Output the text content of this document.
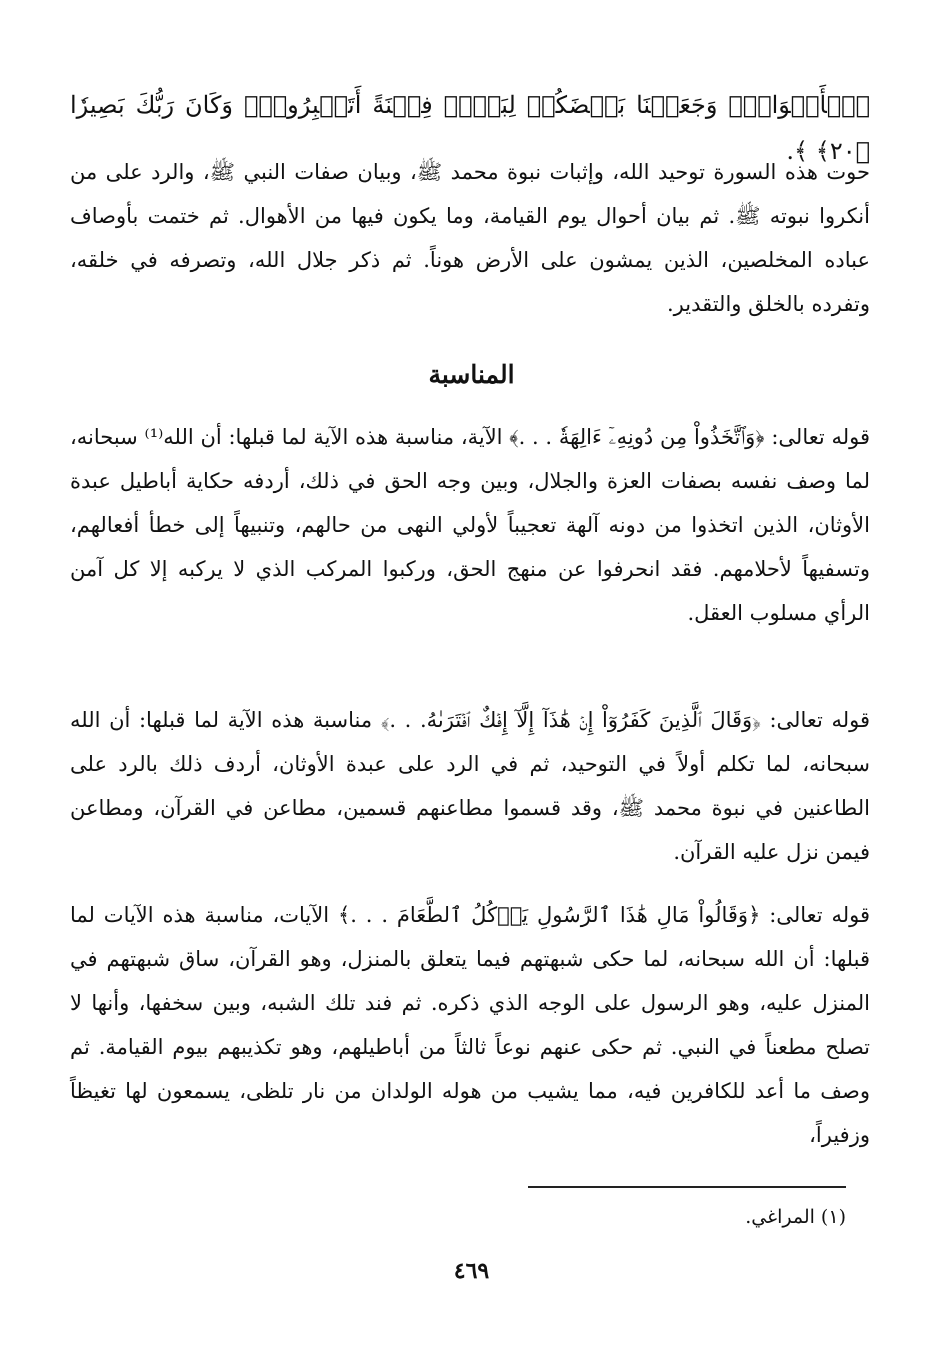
ٱلۡأَسۡوَاقِۗ وَجَعَلۡنَا بَعۡضَكُمۡ لِبَعۡضٖ فِتۡنَةً أَتَصۡبِرُونَۗ وَكَانَ رَبُّكَ بَصِيرٗا ﴿٢٠﴾ ﴾.

حوت هذه السورة توحيد الله، وإثبات نبوة محمد ﷺ، وبيان صفات النبي ﷺ، والرد على من أنكروا نبوته ﷺ. ثم بيان أحوال يوم القيامة، وما يكون فيها من الأهوال. ثم ختمت بأوصاف عباده المخلصين، الذين يمشون على الأرض هوناً. ثم ذكر جلال الله، وتصرفه في خلقه، وتفرده بالخلق والتقدير.

المناسبة

قوله تعالى: ﴿وَٱتَّخَذُواْ مِن دُونِهِۦٓ ءَالِهَةٗ . . .﴾ الآية، مناسبة هذه الآية لما قبلها: أن الله⁽¹⁾ سبحانه، لما وصف نفسه بصفات العزة والجلال، وبين وجه الحق في ذلك، أردفه حكاية أباطيل عبدة الأوثان، الذين اتخذوا من دونه آلهة تعجيباً لأولي النهى من حالهم، وتنبيهاً إلى خطأ أفعالهم، وتسفيهاً لأحلامهم. فقد انحرفوا عن منهج الحق، وركبوا المركب الذي لا يركبه إلا كل آمن الرأي مسلوب العقل.

قوله تعالى: ﴿وَقَالَ ٱلَّذِينَ كَفَرُوٓاْ إِنۡ هَٰذَآ إِلَّآ إِفۡكٌ ٱفۡتَرَىٰهُ. . .﴾ مناسبة هذه الآية لما قبلها: أن الله سبحانه، لما تكلم أولاً في التوحيد، ثم في الرد على عبدة الأوثان، أردف ذلك بالرد على الطاعنين في نبوة محمد ﷺ، وقد قسموا مطاعنهم قسمين، مطاعن في القرآن، ومطاعن فيمن نزل عليه القرآن.

قوله تعالى: ﴿وَقَالُواْ مَالِ هَٰذَا ٱلرَّسُولِ يَأۡكُلُ ٱلطَّعَامَ . . .﴾ الآيات، مناسبة هذه الآيات لما قبلها: أن الله سبحانه، لما حكى شبهتهم فيما يتعلق بالمنزل، وهو القرآن، ساق شبهتهم في المنزل عليه، وهو الرسول على الوجه الذي ذكره. ثم فند تلك الشبه، وبين سخفها، وأنها لا تصلح مطعناً في النبي. ثم حكى عنهم نوعاً ثالثاً من أباطيلهم، وهو تكذيبهم بيوم القيامة. ثم وصف ما أعد للكافرين فيه، مما يشيب من هوله الولدان من نار تلظى، يسمعون لها تغيظاً وزفيراً،

(١) المراغي.
٤٦٩
